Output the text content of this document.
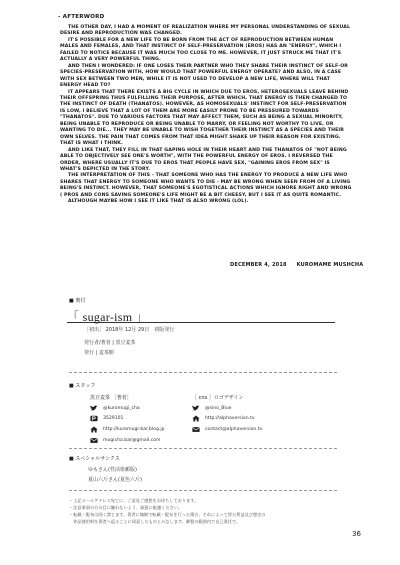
- AFTERWORD

THE OTHER DAY, I HAD A MOMENT OF REALIZATION WHERE MY PERSONAL UNDERSTANDING OF SEXUAL DESIRE AND REPRODUCTION WAS CHANGED.

IT'S POSSIBLE FOR A NEW LIFE TO BE BORN FROM THE ACT OF REPRODUCTION BETWEEN HUMAN MALES AND FEMALES, AND THAT INSTINCT OF SELF-PRESERVATION (EROS) HAS AN "ENERGY", WHICH I FAILED TO NOTICE BECAUSE IT WAS MUCH TOO CLOSE TO ME. HOWEVER, IT JUST STRUCK ME THAT IT'S ACTUALLY A VERY POWERFUL THING.

AND THEN I WONDERED: IF ONE LOSES THEIR PARTNER WHO THEY SHARE THEIR INSTINCT OF SELF-OR SPECIES-PRESERVATION WITH, HOW WOULD THAT POWERFUL ENERGY OPERATE? AND ALSO, IN A CASE WITH SEX BETWEEN TWO MEN, WHILE IT IS NOT USED TO DEVELOP A NEW LIFE, WHERE WILL THAT ENERGY HEAD TO?

IT APPEARS THAT THERE EXISTS A BIG CYCLE IN WHICH DUE TO EROS, HETEROSEXUALS LEAVE BEHIND THEIR OFFSPRING THUS FULFILLING THEIR PURPOSE, AFTER WHICH, THAT ENERGY IS THEN CHANGED TO THE INSTINCT OF DEATH (THANATOS). HOWEVER, AS HOMOSEXUALS' INSTINCT FOR SELF-PRESERVATION IS LOW, I BELIEVE THAT A LOT OF THEM ARE MORE EASILY PRONE TO BE PRESSURED TOWARDS "THANATOS". DUE TO VARIOUS FACTORS THAT MAY AFFECT THEM, SUCH AS BEING A SEXUAL MINORITY, BEING UNABLE TO REPRODUCE OR BEING UNABLE TO MARRY, OR FEELING NOT WORTHY TO LIVE, OR WANTING TO DIE... THEY MAY BE UNABLE TO WISH TOGETHER THEIR INSTINCT AS A SPECIES AND THEIR OWN SELVES. THE PAIN THAT COMES FROM THAT IDEA MIGHT SHAKE UP THEIR REASON FOR EXISTING. THAT IS WHAT I THINK.

AND LIKE THAT, THEY FILL IN THAT GAPING HOLE IN THEIR HEART AND THE THANATOS OF "NOT BEING ABLE TO OBJECTIVELY SEE ONE'S WORTH", WITH THE POWERFUL ENERGY OF EROS. I REVERSED THE ORDER, WHERE USUALLY IT'S DUE TO EROS THAT PEOPLE HAVE SEX, "GAINING EROS FROM SEX" IS WHAT'S DEPICTED IN THE STORY.

THE INTERPRETATION OF THIS - THAT SOMEONE WHO HAS THE ENERGY TO PRODUCE A NEW LIFE WHO SHARES THAT ENERGY TO SOMEONE WHO WANTS TO DIE - MAY BE WRONG WHEN SEEN FROM OF A LIVING BEING'S INSTINCT. HOWEVER, THAT SOMEONE'S EGOTISTICAL ACTIONS WHICH IGNORE RIGHT AND WRONG ( PROS AND CONS SAVING SOMEONE'S LIFE MIGHT BE A BIT CHEESY, BUT I SEE IT AS QUITE ROMANTIC.

ALTHOUGH MAYBE HOW I SEE IT LIKE THAT IS ALSO WRONG (LOL).

DECEMBER 4, 2018 KUROMAME MUSHCHA
■ 奥付
「 sugar-ism 」
［初出］ 2018年 12月 29日　初版発行
発行者/著者 | 黒豆麦茶
発行 | 麦茶館
■ スタッフ
黒豆麦茶 ［著者］
@kuromugi_cha
3529101
http://kuromugi-bar.blog.jp
mugicha.bar@gmail.com
［ cns ］ロゴデザイン
@sino_Blue
http://alphaversion.tv
contact@alphaversion.tv
■ スペシャルサンクス
ゆもさん(性活依頼版)
夏山六斤さん(夏色六斤)
・上記メールアドレス宛てに、ご意見ご感想をお待ちしております。
・注意事項の方の目に触れないよう、取扱に配慮ください。
・転載・配布は固く禁じます。著者に無断で転載・配布を行った場合、それによって得た利益及び想定の
　作品使用料を著者へ返ることに同意したものとみなします。御覧の範囲内で自己責任で。
36
